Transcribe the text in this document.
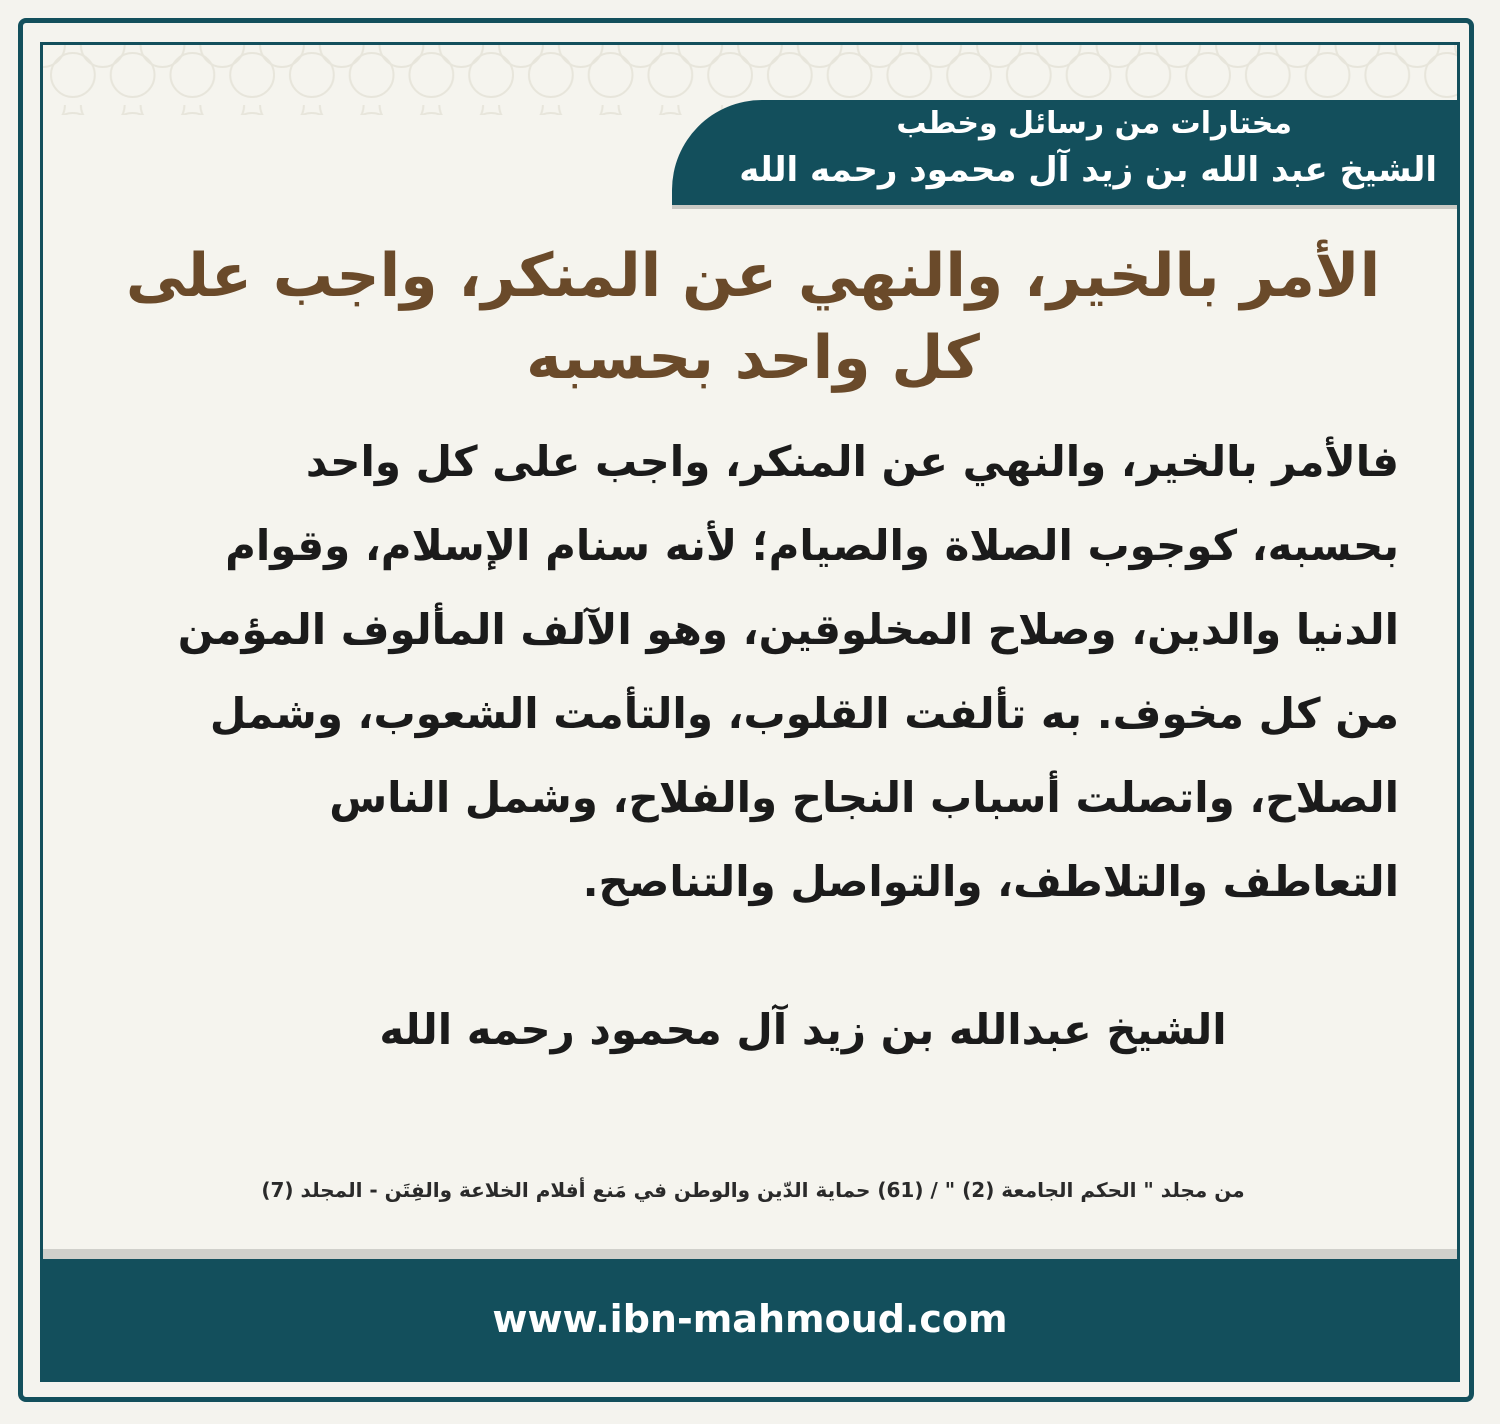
مختارات من رسائل وخطب
الشيخ عبد الله بن زيد آل محمود رحمه الله
الأمر بالخير، والنهي عن المنكر، واجب على كل واحد بحسبه
فالأمر بالخير، والنهي عن المنكر، واجب على كل واحد بحسبه، كوجوب الصلاة والصيام؛ لأنه سنام الإسلام، وقوام الدنيا والدين، وصلاح المخلوقين، وهو الآلف المألوف المؤمن من كل مخوف. به تألفت القلوب، والتأمت الشعوب، وشمل الصلاح، واتصلت أسباب النجاح والفلاح، وشمل الناس التعاطف والتلاطف، والتواصل والتناصح.
الشيخ عبدالله بن زيد آل محمود رحمه الله
من مجلد " الحكم الجامعة (2) " / (61) حماية الدّين والوطن في مَنع أفلام الخلاعة والفِتَن - المجلد (7)
www.ibn-mahmoud.com
